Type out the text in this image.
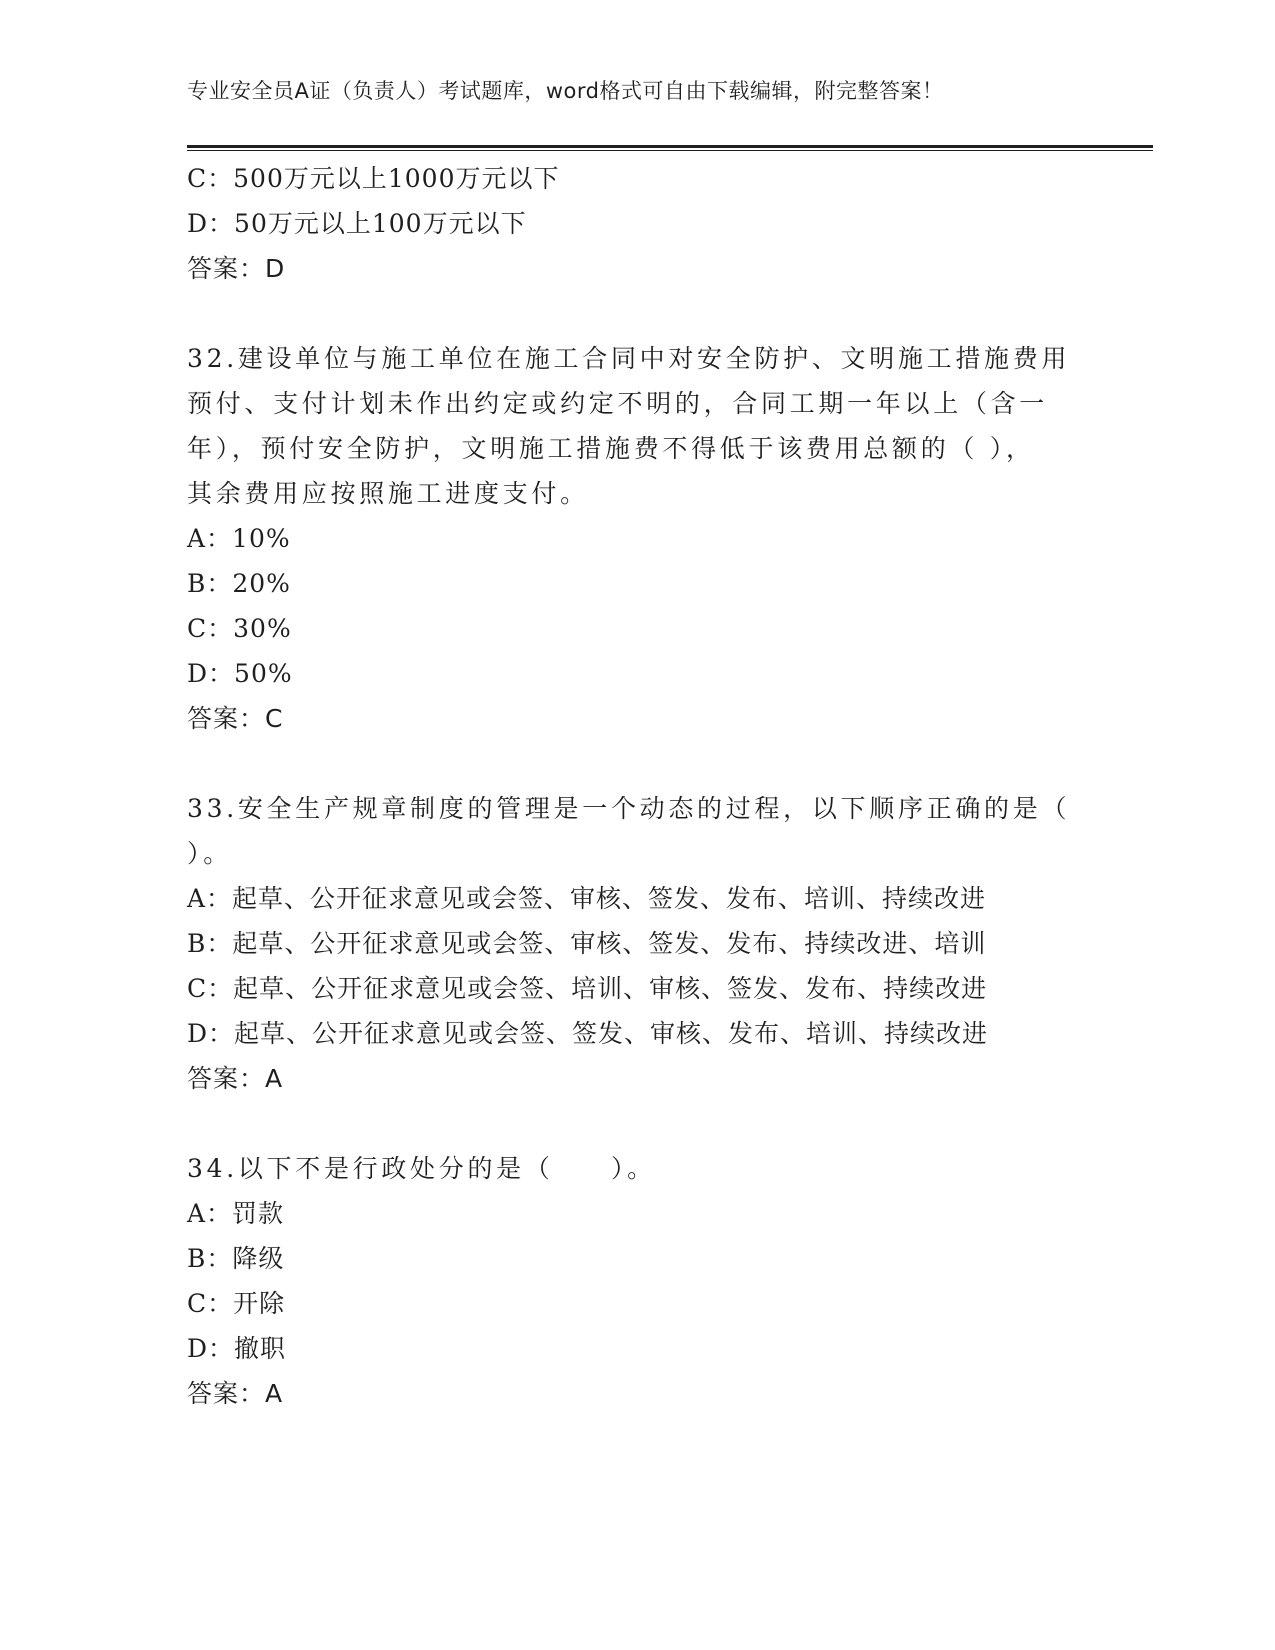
专业安全员A证（负责人）考试题库，word格式可自由下载编辑，附完整答案！
C：500万元以上1000万元以下
D：50万元以上100万元以下
答案：D
32.建设单位与施工单位在施工合同中对安全防护、文明施工措施费用
预付、支付计划未作出约定或约定不明的，合同工期一年以上（含一
年），预付安全防护，文明施工措施费不得低于该费用总额的（ ），
其余费用应按照施工进度支付。
A：10%
B：20%
C：30%
D：50%
答案：C
33.安全生产规章制度的管理是一个动态的过程，以下顺序正确的是（
）。
A：起草、公开征求意见或会签、审核、签发、发布、培训、持续改进
B：起草、公开征求意见或会签、审核、签发、发布、持续改进、培训
C：起草、公开征求意见或会签、培训、审核、签发、发布、持续改进
D：起草、公开征求意见或会签、签发、审核、发布、培训、持续改进
答案：A
34.以下不是行政处分的是（　　）。
A：罚款
B：降级
C：开除
D：撤职
答案：A
